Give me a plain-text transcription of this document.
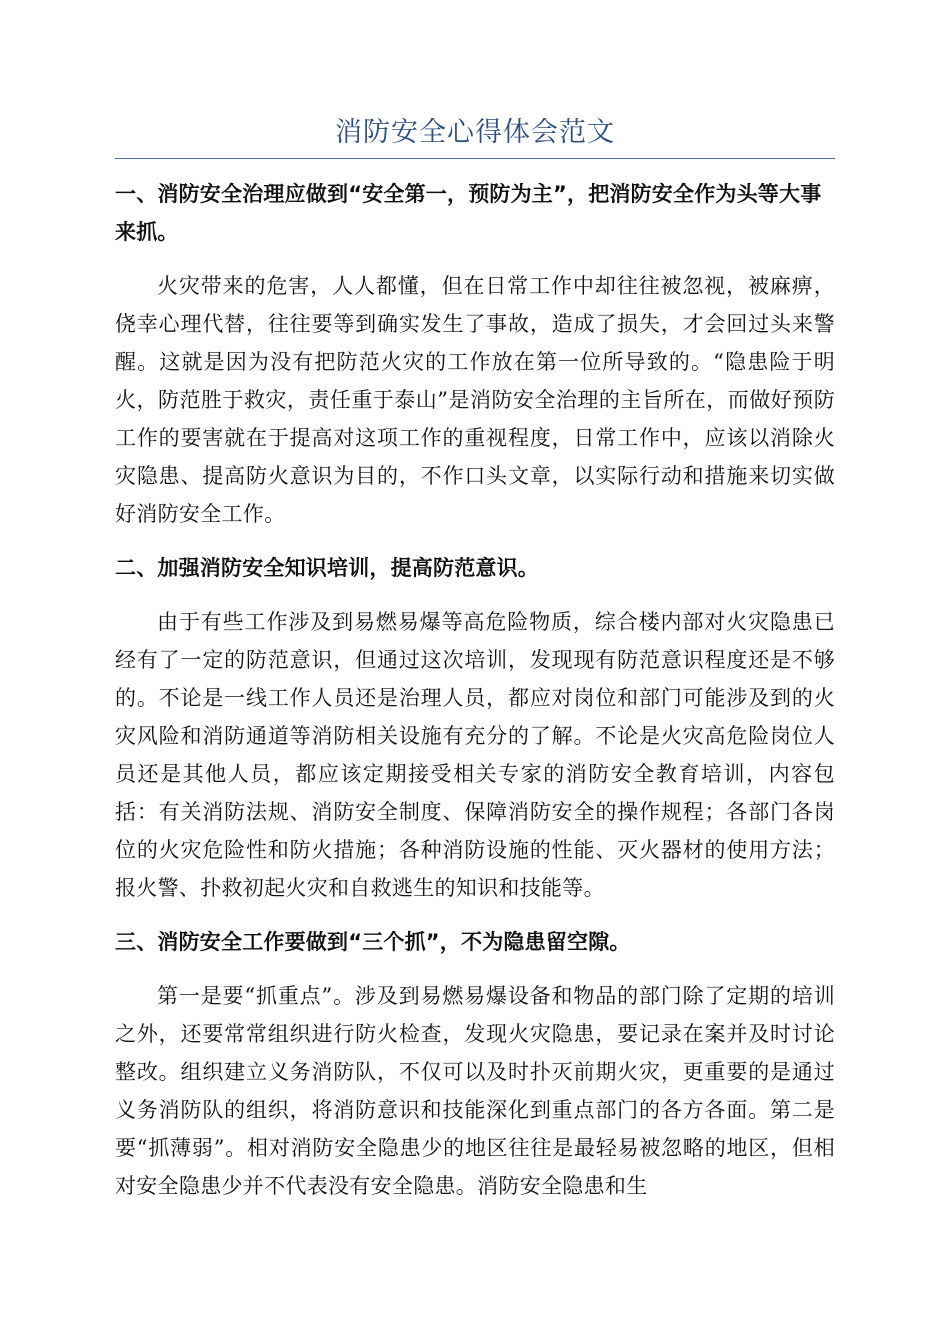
消防安全心得体会范文
一、消防安全治理应做到“安全第一，预防为主”，把消防安全作为头等大事来抓。
火灾带来的危害，人人都懂，但在日常工作中却往往被忽视，被麻痹，侥幸心理代替，往往要等到确实发生了事故，造成了损失，才会回过头来警醒。这就是因为没有把防范火灾的工作放在第一位所导致的。“隐患险于明火，防范胜于救灾，责任重于泰山”是消防安全治理的主旨所在，而做好预防工作的要害就在于提高对这项工作的重视程度，日常工作中，应该以消除火灾隐患、提高防火意识为目的，不作口头文章，以实际行动和措施来切实做好消防安全工作。
二、加强消防安全知识培训，提高防范意识。
由于有些工作涉及到易燃易爆等高危险物质，综合楼内部对火灾隐患已经有了一定的防范意识，但通过这次培训，发现现有防范意识程度还是不够的。不论是一线工作人员还是治理人员，都应对岗位和部门可能涉及到的火灾风险和消防通道等消防相关设施有充分的了解。不论是火灾高危险岗位人员还是其他人员，都应该定期接受相关专家的消防安全教育培训，内容包括：有关消防法规、消防安全制度、保障消防安全的操作规程；各部门各岗位的火灾危险性和防火措施；各种消防设施的性能、灭火器材的使用方法；报火警、扑救初起火灾和自救逃生的知识和技能等。
三、消防安全工作要做到“三个抓”，不为隐患留空隙。
第一是要“抓重点”。涉及到易燃易爆设备和物品的部门除了定期的培训之外，还要常常组织进行防火检查，发现火灾隐患，要记录在案并及时讨论整改。组织建立义务消防队，不仅可以及时扑灭前期火灾，更重要的是通过义务消防队的组织，将消防意识和技能深化到重点部门的各方各面。第二是要“抓薄弱”。相对消防安全隐患少的地区往往是最轻易被忽略的地区，但相对安全隐患少并不代表没有安全隐患。消防安全隐患和生
